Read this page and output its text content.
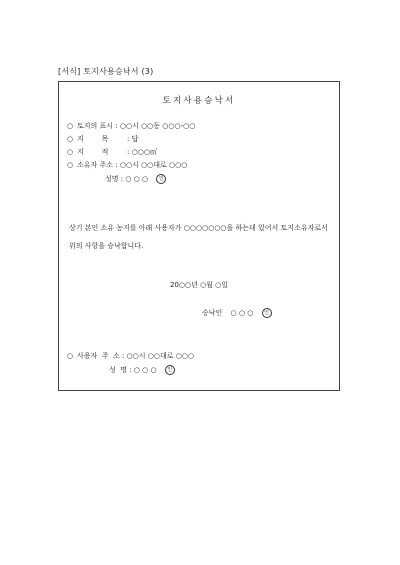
[서식] 토지사용승낙서 (3)
토지사용승낙서
○ 토지의 표시 : ○○시 ○○동 ○○○-○○
○ 지        목	: 답
○ 지        적	: ○○○㎡
○ 소유자 주소 : ○○시 ○○대로 ○○○
성명 : ○ ○ ○ 인
상기 본인 소유 농지를 아래 사용자가 ○○○○○○○을 하는데 있어서 토지소유자로서 위의 사항을 승낙합니다.
20○○년 ○월 ○일
승낙인 ○ ○ ○ 인
○ 사용자  주  소 : ○○시 ○○대로 ○○○
성  명 : ○ ○ ○ 인
